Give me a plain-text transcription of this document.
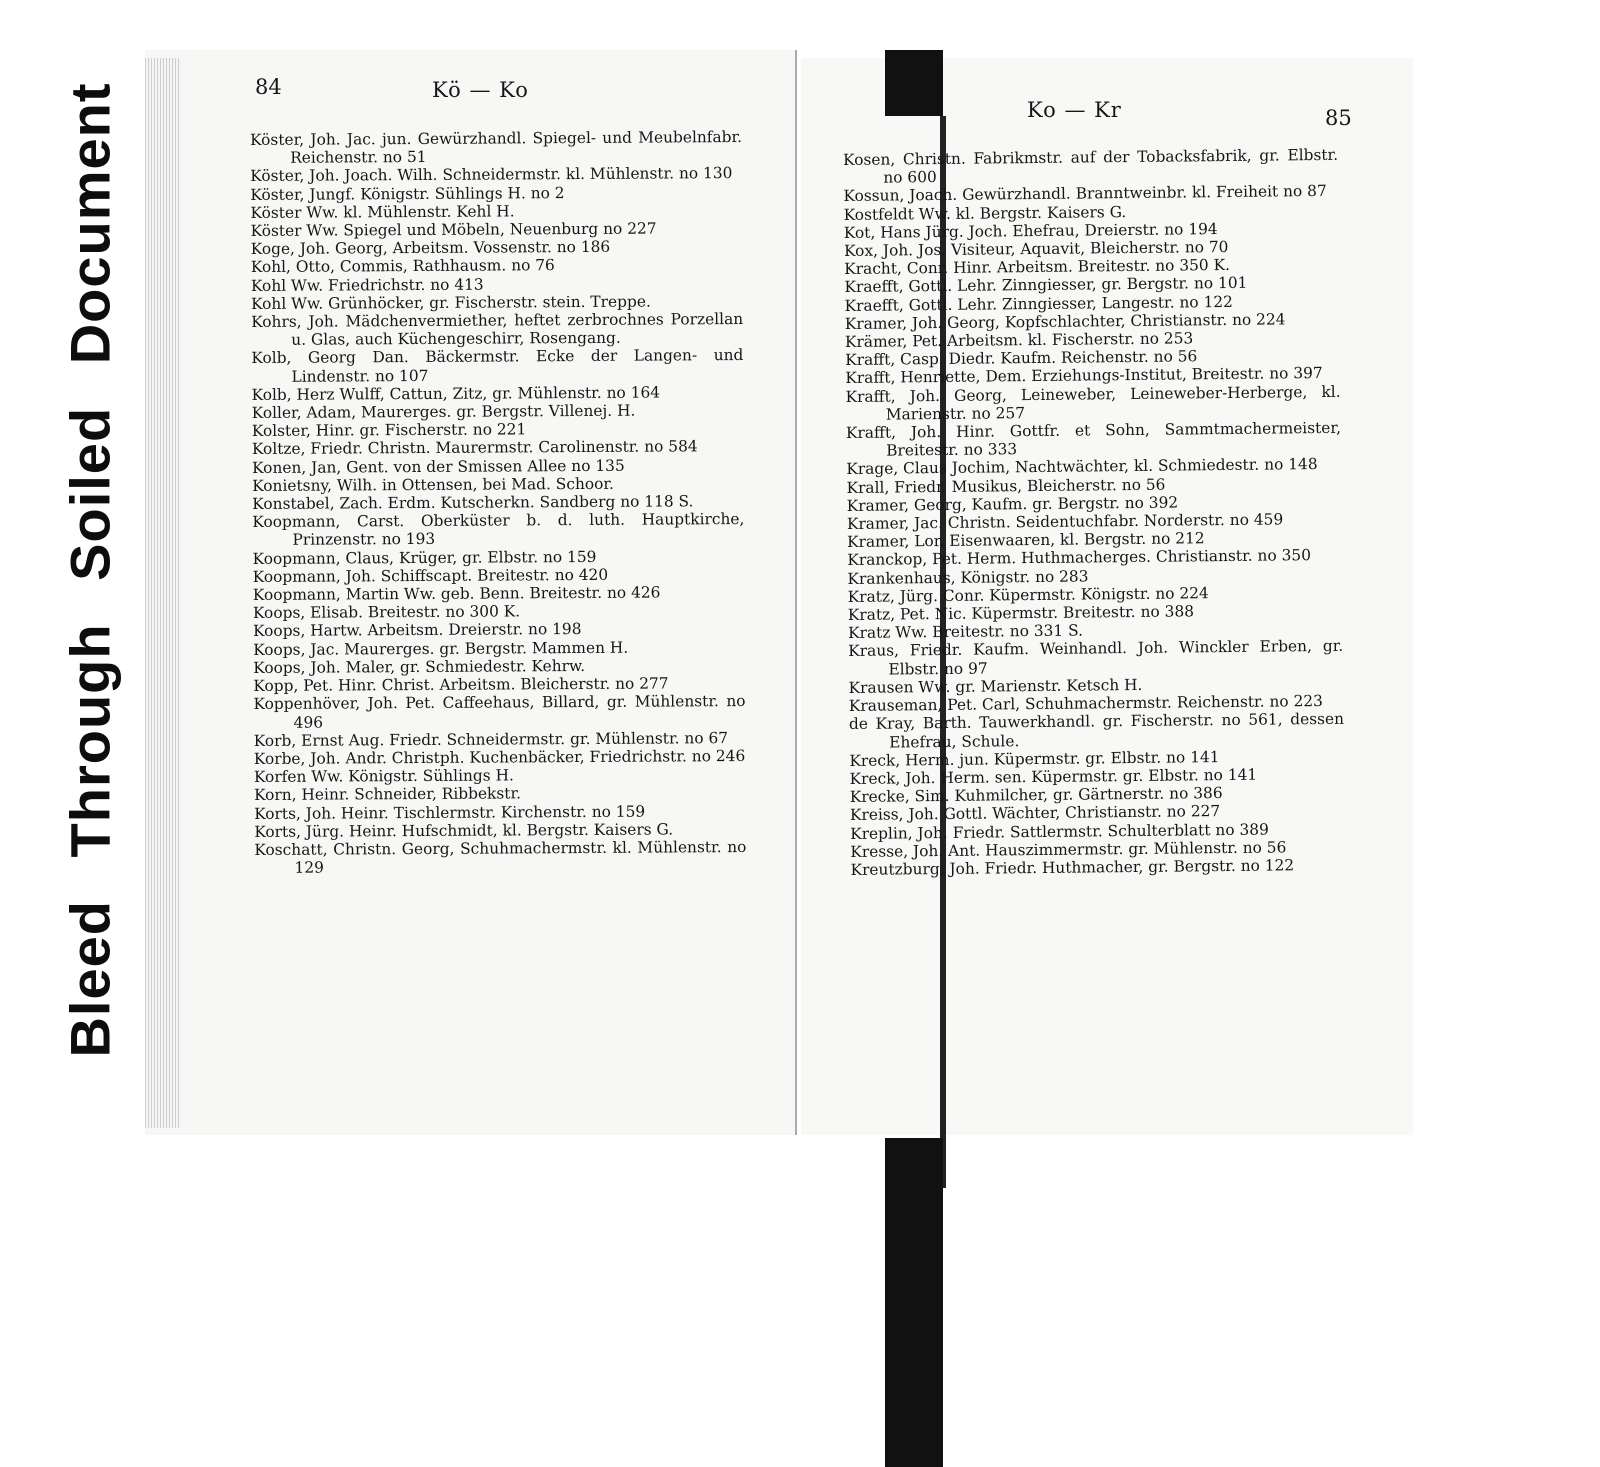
Bleed Through Soiled Document	84	Kö — Ko

Köster, Joh. Jac. jun. Gewürzhandl. Spiegel- und Meubelnfabr. Reichenstr. no 51

Köster, Joh. Joach. Wilh. Schneidermstr. kl. Mühlenstr. no 130

Köster, Jungf. Königstr. Sühlings H. no 2

Köster Ww. kl. Mühlenstr. Kehl H.

Köster Ww. Spiegel und Möbeln, Neuenburg no 227

Koge, Joh. Georg, Arbeitsm. Vossenstr. no 186

Kohl, Otto, Commis, Rathhausm. no 76

Kohl Ww. Friedrichstr. no 413

Kohl Ww. Grünhöcker, gr. Fischerstr. stein. Treppe.

Kohrs, Joh. Mädchenvermiether, heftet zerbrochnes Porzellan u. Glas, auch Küchengeschirr, Rosengang.

Kolb, Georg Dan. Bäckermstr. Ecke der Langen- und Lindenstr. no 107

Kolb, Herz Wulff, Cattun, Zitz, gr. Mühlenstr. no 164

Koller, Adam, Maurerges. gr. Bergstr. Villenej. H.

Kolster, Hinr. gr. Fischerstr. no 221

Koltze, Friedr. Christn. Maurermstr. Carolinenstr. no 584

Konen, Jan, Gent. von der Smissen Allee no 135

Konietsny, Wilh. in Ottensen, bei Mad. Schoor.

Konstabel, Zach. Erdm. Kutscherkn. Sandberg no 118 S.

Koopmann, Carst. Oberküster b. d. luth. Hauptkirche, Prinzenstr. no 193

Koopmann, Claus, Krüger, gr. Elbstr. no 159

Koopmann, Joh. Schiffscapt. Breitestr. no 420

Koopmann, Martin Ww. geb. Benn. Breitestr. no 426

Koops, Elisab. Breitestr. no 300 K.

Koops, Hartw. Arbeitsm. Dreierstr. no 198

Koops, Jac. Maurerges. gr. Bergstr. Mammen H.

Koops, Joh. Maler, gr. Schmiedestr. Kehrw.

Kopp, Pet. Hinr. Christ. Arbeitsm. Bleicherstr. no 277

Koppenhöver, Joh. Pet. Caffeehaus, Billard, gr. Mühlenstr. no 496

Korb, Ernst Aug. Friedr. Schneidermstr. gr. Mühlenstr. no 67

Korbe, Joh. Andr. Christph. Kuchenbäcker, Friedrichstr. no 246

Korfen Ww. Königstr. Sühlings H.

Korn, Heinr. Schneider, Ribbekstr.

Korts, Joh. Heinr. Tischlermstr. Kirchenstr. no 159

Korts, Jürg. Heinr. Hufschmidt, kl. Bergstr. Kaisers G.

Koschatt, Christn. Georg, Schuhmachermstr. kl. Mühlenstr. no 129

Ko — Kr	85

Kosen, Christn. Fabrikmstr. auf der Tobacksfabrik, gr. Elbstr. no 600

Kossun, Joach. Gewürzhandl. Branntweinbr. kl. Freiheit no 87

Kostfeldt Ww. kl. Bergstr. Kaisers G.

Kot, Hans Jürg. Joch. Ehefrau, Dreierstr. no 194

Kox, Joh. Jos. Visiteur, Aquavit, Bleicherstr. no 70

Kracht, Conr. Hinr. Arbeitsm. Breitestr. no 350 K.

Kraefft, Gottl. Lehr. Zinngiesser, gr. Bergstr. no 101

Kraefft, Gottl. Lehr. Zinngiesser, Langestr. no 122

Kramer, Joh. Georg, Kopfschlachter, Christianstr. no 224

Krämer, Pet. Arbeitsm. kl. Fischerstr. no 253

Krafft, Casp. Diedr. Kaufm. Reichenstr. no 56

Krafft, Henriette, Dem. Erziehungs-Institut, Breitestr. no 397

Krafft, Joh. Georg, Leineweber, Leineweber-Herberge, kl. Marienstr. no 257

Krafft, Joh. Hinr. Gottfr. et Sohn, Sammtmachermeister, Breitestr. no 333

Krage, Claus Jochim, Nachtwächter, kl. Schmiedestr. no 148

Krall, Friedr. Musikus, Bleicherstr. no 56

Kramer, Georg, Kaufm. gr. Bergstr. no 392

Kramer, Jac. Christn. Seidentuchfabr. Norderstr. no 459

Kramer, Lor. Eisenwaaren, kl. Bergstr. no 212

Kranckop, Pet. Herm. Huthmacherges. Christianstr. no 350

Krankenhaus, Königstr. no 283

Kratz, Jürg. Conr. Küpermstr. Königstr. no 224

Kratz, Pet. Nic. Küpermstr. Breitestr. no 388

Kratz Ww. Breitestr. no 331 S.

Kraus, Friedr. Kaufm. Weinhandl. Joh. Winckler Erben, gr. Elbstr. no 97

Krausen Ww. gr. Marienstr. Ketsch H.

Krauseman, Pet. Carl, Schuhmachermstr. Reichenstr. no 223

de Kray, Barth. Tauwerkhandl. gr. Fischerstr. no 561, dessen Ehefrau, Schule.

Kreck, Herm. jun. Küpermstr. gr. Elbstr. no 141

Kreck, Joh. Herm. sen. Küpermstr. gr. Elbstr. no 141

Krecke, Sim. Kuhmilcher, gr. Gärtnerstr. no 386

Kreiss, Joh. Gottl. Wächter, Christianstr. no 227

Kreplin, Joh. Friedr. Sattlermstr. Schulterblatt no 389

Kresse, Joh. Ant. Hauszimmermstr. gr. Mühlenstr. no 56

Kreutzburg, Joh. Friedr. Huthmacher, gr. Bergstr. no 122
